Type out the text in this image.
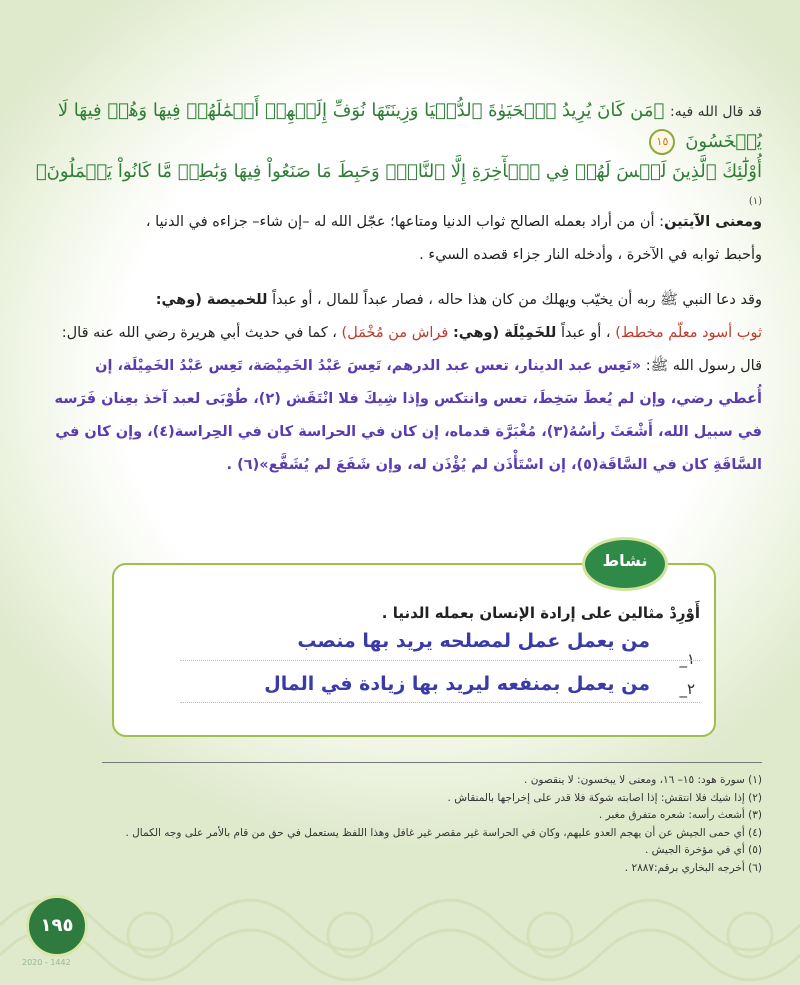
قد قال الله فيه: ﴿مَن كَانَ يُرِيدُ ٱلۡحَيَوٰةَ ٱلدُّنۡيَا وَزِينَتَهَا نُوَفِّ إِلَيۡهِمۡ أَعۡمَٰلَهُمۡ فِيهَا وَهُمۡ فِيهَا لَا يُبۡخَسُونَ ١٥
أُوْلَٰٓئِكَ ٱلَّذِينَ لَيۡسَ لَهُمۡ فِي ٱلۡأٓخِرَةِ إِلَّا ٱلنَّارُۖ وَحَبِطَ مَا صَنَعُواْ فِيهَا وَبَٰطِلٞ مَّا كَانُواْ يَعۡمَلُونَ﴾ $^{(١)}$
ومعنى الآيتين: أن من أراد بعمله الصالح ثواب الدنيا ومتاعها؛ عجّل الله له –إن شاء– جزاءه في الدنيا ،
وأحبط ثوابه في الآخرة ، وأدخله النار جزاء قصده السيء .
وقد دعا النبي ﷺ ربه أن يخيّب ويهلك من كان هذا حاله ، فصار عبداً للمال ، أو عبداً للخميصة (وهي:
ثوب أسود معلّم مخطط) ، أو عبداً للخَمِيْلَة (وهي: فراش من مُخْمَل) ، كما في حديث أبي هريرة رضي الله عنه قال:
قال رسول الله ﷺ: «تَعِس عبد الدينار، تعس عبد الدرهم، تَعِسَ عَبْدُ الخَمِيْصَة، تَعِس عَبْدُ الخَمِيْلَة، إن
أُعطي رضي، وإن لم يُعطَ سَخِطَ، تعس وانتكس وإذا شِيكَ فلا انْتَقَش (٢)، طُوْبَى لعبد آخذ بعِنان فَرَسه
في سبيل الله، أَشْعَثَ رأسُهُ(٣)، مُغْبَرَّة قدماه، إن كان في الحراسة كان في الحِراسة(٤)، وإن كان في
السَّاقَةِ كان في السَّاقَة(٥)، إن اسْتَأْذَن لم يُؤْذَن له، وإن شَفَعَ لم يُشَفَّع»(٦) .
نشاط
أَوْرِدْ مثالين على إرادة الإنسان بعمله الدنيا .
١_
من يعمل عمل لمصلحه يريد بها منصب
٢_
من يعمل بمنفعه ليريد بها زيادة في المال
(١) سورة هود: ١٥– ١٦، ومعنى لا يبخسون: لا ينقصون .
(٢) إذا شيك فلا انتقش: إذا اصابته شوكة فلا قدر على إخراجها بالمنقاش .
(٣) أشعث رأسه: شعره متفرق مغبر .
(٤) أي حمى الجيش عن أن يهجم العدو عليهم، وكان في الحراسة غير مقصر غير غافل وهذا اللفظ يستعمل في حق من قام بالأمر على وجه الكمال .
(٥) أي في مؤخرة الجيش .
(٦) أخرجه البخاري برقم:٢٨٨٧ .
١٩٥
2020 - 1442
